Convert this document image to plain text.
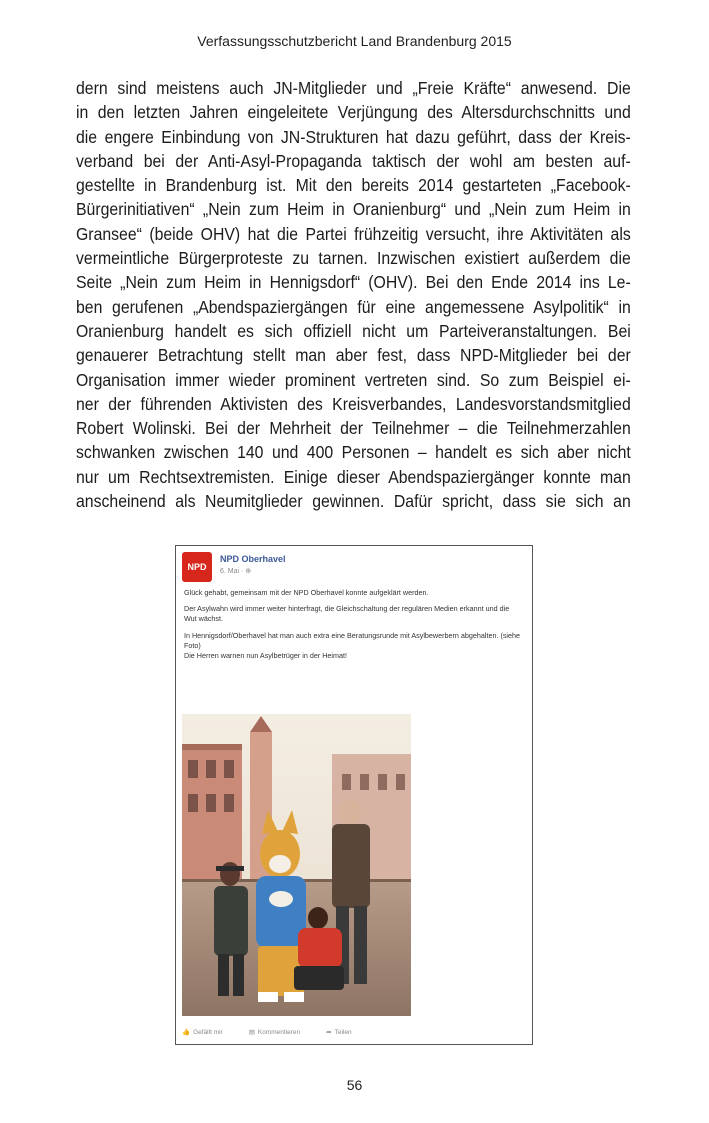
Verfassungsschutzbericht Land Brandenburg 2015
dern sind meistens auch JN-Mitglieder und „Freie Kräfte“ anwesend. Die
in den letzten Jahren eingeleitete Verjüngung des Altersdurchschnitts und
die engere Einbindung von JN-Strukturen hat dazu geführt, dass der Kreis-
verband bei der Anti-Asyl-Propaganda taktisch der wohl am besten auf-
gestellte in Brandenburg ist. Mit den bereits 2014 gestarteten „Facebook-
Bürgerinitiativen“ „Nein zum Heim in Oranienburg“ und „Nein zum Heim in
Gransee“ (beide OHV) hat die Partei frühzeitig versucht, ihre Aktivitäten als
vermeintliche Bürgerproteste zu tarnen. Inzwischen existiert außerdem die
Seite „Nein zum Heim in Hennigsdorf“ (OHV). Bei den Ende 2014 ins Le-
ben gerufenen „Abendspaziergängen für eine angemessene Asylpolitik“ in
Oranienburg handelt es sich offiziell nicht um Parteiveranstaltungen. Bei
genauerer Betrachtung stellt man aber fest, dass NPD-Mitglieder bei der
Organisation immer wieder prominent vertreten sind. So zum Beispiel ei-
ner der führenden Aktivisten des Kreisverbandes, Landesvorstandsmitglied
Robert Wolinski. Bei der Mehrheit der Teilnehmer – die Teilnehmerzahlen
schwanken zwischen 140 und 400 Personen – handelt es sich aber nicht
nur um Rechtsextremisten. Einige dieser Abendspaziergänger konnte man
anscheinend als Neumitglieder gewinnen. Dafür spricht, dass sie sich an
NPD
NPD Oberhavel
6. Mai · ⊕

Glück gehabt, gemeinsam mit der NPD Oberhavel konnte aufgeklärt werden.

Der Asylwahn wird immer weiter hinterfragt, die Gleichschaltung der regulären Medien erkannt und die Wut wächst.

In Hennigsdorf/Oberhavel hat man auch extra eine Beratungsrunde mit Asylbewerbern abgehalten. (siehe Foto)

Die Herren warnen nun Asylbetrüger in der Heimat!

👍 Gefällt mir	▤ Kommentieren	➦ Teilen
56
